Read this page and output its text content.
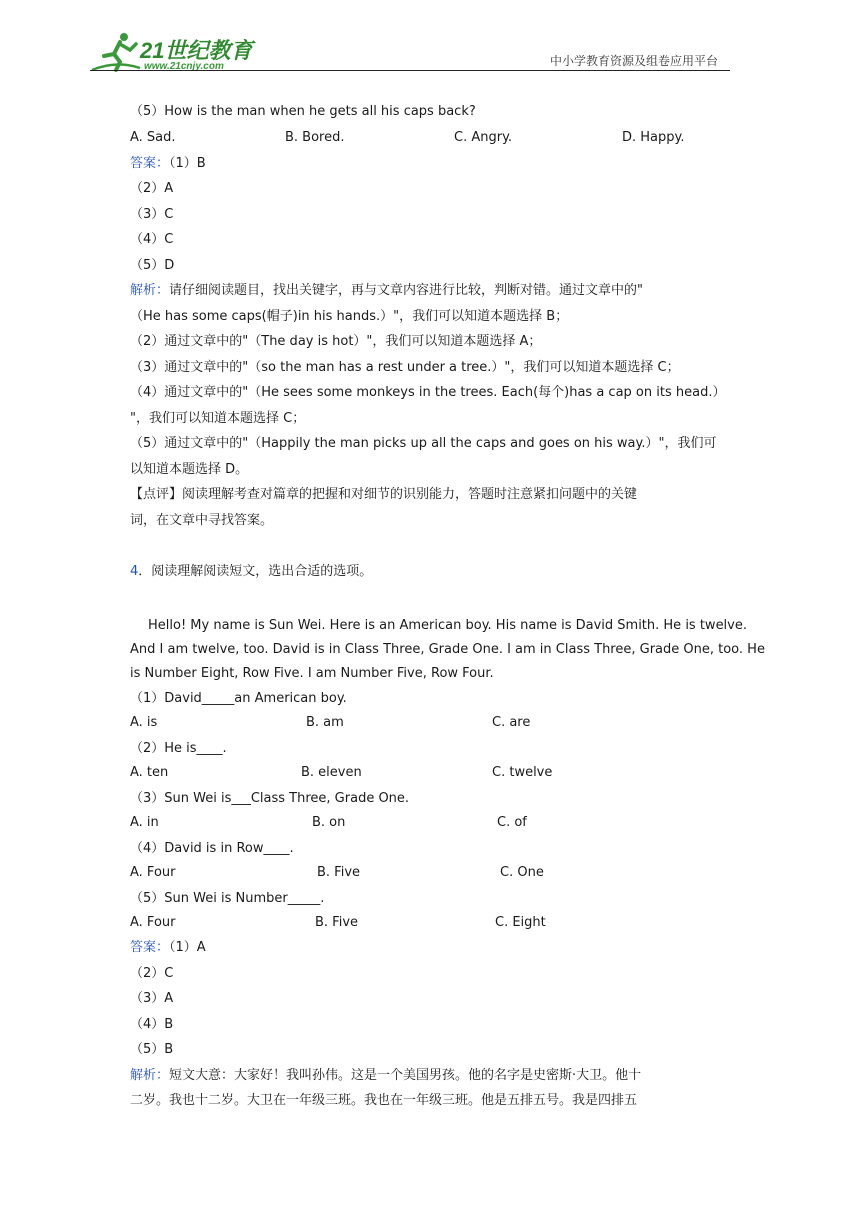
21世纪教育
www.21cnjy.com	中小学教育资源及组卷应用平台
（5）How is the man when he gets all his caps back?
A. Sad.	B. Bored.	C. Angry.	D. Happy.
答案：（1）B
（2）A
（3）C
（4）C
（5）D
解析：请仔细阅读题目，找出关键字，再与文章内容进行比较，判断对错。通过文章中的"
（He has some caps(帽子)in his hands.）"，我们可以知道本题选择 B；
（2）通过文章中的"（The day is hot）"，我们可以知道本题选择 A；
（3）通过文章中的"（so the man has a rest under a tree.）"，我们可以知道本题选择 C；
（4）通过文章中的"（He sees some monkeys in the trees. Each(每个)has a cap on its head.）
"，我们可以知道本题选择 C；
（5）通过文章中的"（Happily the man picks up all the caps and goes on his way.）"，我们可
以知道本题选择 D。
【点评】阅读理解考查对篇章的把握和对细节的识别能力，答题时注意紧扣问题中的关键
词，在文章中寻找答案。
4．阅读理解阅读短文，选出合适的选项。
Hello! My name is Sun Wei. Here is an American boy. His name is David Smith. He is twelve.
And I am twelve, too. David is in Class Three, Grade One. I am in Class Three, Grade One, too. He
is Number Eight, Row Five. I am Number Five, Row Four.
（1）David_____an American boy.
A. is	B. am	C. are
（2）He is____.
A. ten	B. eleven	C. twelve
（3）Sun Wei is___Class Three, Grade One.
A. in	B. on	C. of
（4）David is in Row____.
A. Four	B. Five	C. One
（5）Sun Wei is Number_____.
A. Four	B. Five	C. Eight
答案：（1）A
（2）C
（3）A
（4）B
（5）B
解析：短文大意：大家好！我叫孙伟。这是一个美国男孩。他的名字是史密斯·大卫。他十
二岁。我也十二岁。大卫在一年级三班。我也在一年级三班。他是五排五号。我是四排五
